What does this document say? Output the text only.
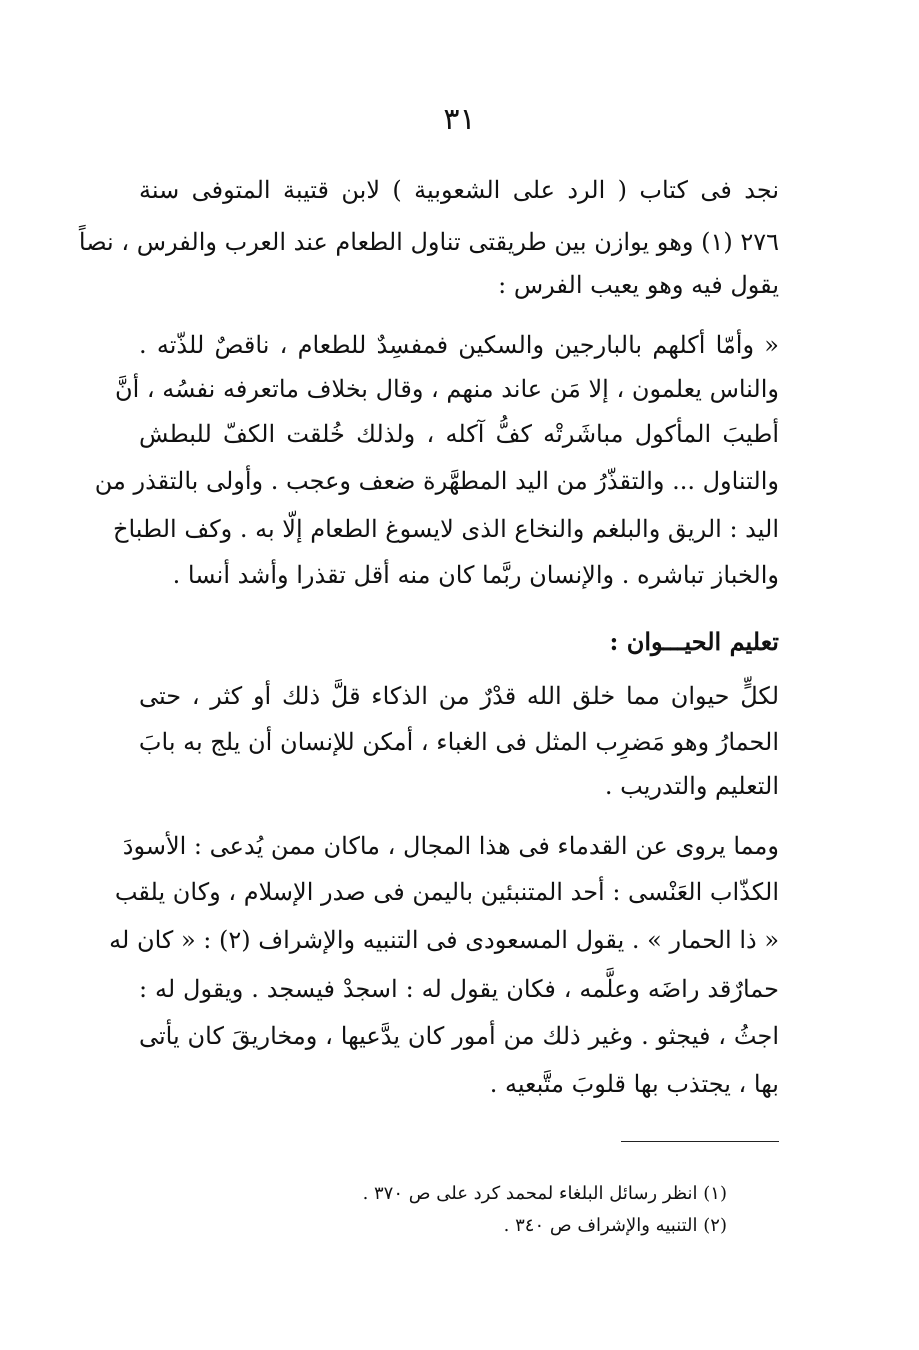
٣١
نجد فى كتاب ( الرد على الشعوبية ) لابن قتيبة المتوفى سنة
٢٧٦ (١) وهو يوازن بين طريقتى تناول الطعام عند العرب والفرس ، نصاً
يقول فيه وهو يعيب الفرس :
« وأمّا أكلهم بالبارجين والسكين فمفسِدٌ للطعام ، ناقصٌ للذّته .
والناس يعلمون ، إلا مَن عاند منهم ، وقال بخلاف ماتعرفه نفسُه ، أنَّ
أطيبَ المأكول مباشَرتْه كفُّ آكله ، ولذلك خُلقت الكفّ للبطش
والتناول ... والتقذّرُ من اليد المطهَّرة ضعف وعجب . وأولى بالتقذر من
اليد : الريق والبلغم والنخاع الذى لايسوغ الطعام إلّا به . وكف الطباخ
والخباز تباشره . والإنسان ربَّما كان منه أقل تقذرا وأشد أنسا .
تعليم الحيـــوان :
لكلٍّ حيوان مما خلق الله قدْرٌ من الذكاء قلَّ ذلك أو كثر ، حتى
الحمارُ وهو مَضرِب المثل فى الغباء ، أمكن للإنسان أن يلج به بابَ
التعليم والتدريب .
ومما يروى عن القدماء فى هذا المجال ، ماكان ممن يُدعى : الأسودَ
الكذّاب العَنْسى : أحد المتنبئين باليمن فى صدر الإسلام ، وكان يلقب
« ذا الحمار » . يقول المسعودى فى التنبيه والإشراف (٢) : « كان له
حمارٌقد راضَه وعلَّمه ، فكان يقول له : اسجدْ فيسجد . ويقول له :
اجثُ ، فيجثو . وغير ذلك من أمور كان يدَّعيها ، ومخاريقَ كان يأتى
بها ، يجتذب بها قلوبَ متَّبعيه .
(١) انظر رسائل البلغاء لمحمد كرد على ص ٣٧٠ .
(٢) التنبيه والإشراف ص ٣٤٠ .
